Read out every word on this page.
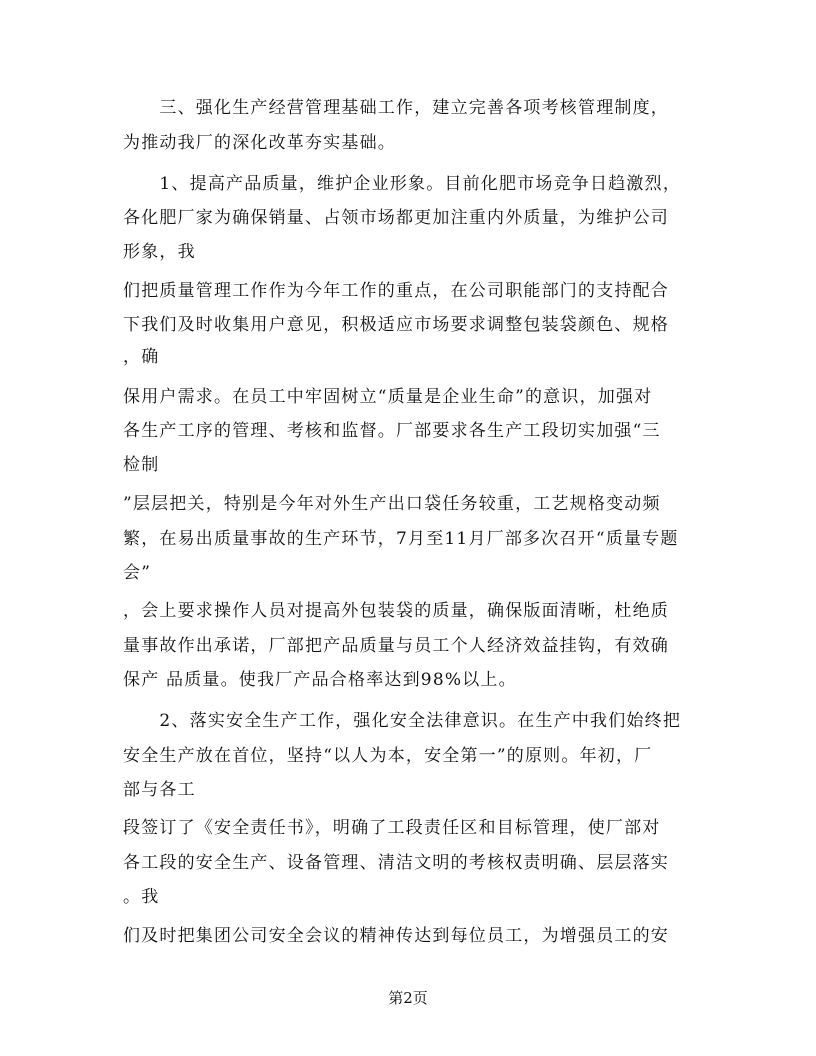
　　三、强化生产经营管理基础工作，建立完善各项考核管理制度，
为推动我厂的深化改革夯实基础。
　　1、提高产品质量，维护企业形象。目前化肥市场竞争日趋激烈，
各化肥厂家为确保销量、占领市场都更加注重内外质量，为维护公司
形象，我
们把质量管理工作作为今年工作的重点，在公司职能部门的支持配合
下我们及时收集用户意见，积极适应市场要求调整包装袋颜色、规格
，确
保用户需求。在员工中牢固树立“质量是企业生命”的意识，加强对
各生产工序的管理、考核和监督。厂部要求各生产工段切实加强“三
检制
”层层把关，特别是今年对外生产出口袋任务较重，工艺规格变动频
繁，在易出质量事故的生产环节，7月至11月厂部多次召开“质量专题
会”
，会上要求操作人员对提高外包装袋的质量，确保版面清晰，杜绝质
量事故作出承诺，厂部把产品质量与员工个人经济效益挂钩，有效确
保产 品质量。使我厂产品合格率达到98%以上。
　　2、落实安全生产工作，强化安全法律意识。在生产中我们始终把
安全生产放在首位，坚持“以人为本，安全第一”的原则。年初，厂
部与各工
段签订了《安全责任书》，明确了工段责任区和目标管理，使厂部对
各工段的安全生产、设备管理、清洁文明的考核权责明确、层层落实
。我
们及时把集团公司安全会议的精神传达到每位员工，为增强员工的安
第2页
